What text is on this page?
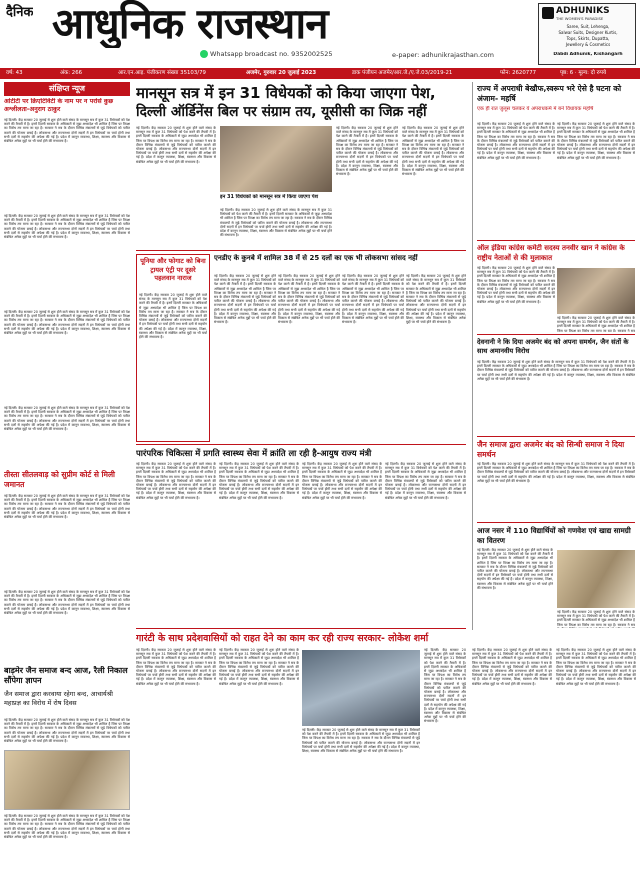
दैनिक आधुनिक राजस्थान
Whatsapp broadcast no. 9352002525	e-paper: adhunikrajasthan.com
ADHUNIKS
THE WOMEN'S PARADISE
Saree, Suit, Lehenga,
Salwar Suits, Designer Kurtis,
Tops, Skirts, Dupatta,
Jewellery & Cosmetics
Dabdi Adhunik, Kishangarh
वर्ष: 43	अंक: 266	आर.एन.आइ. पंजीकरण संख्या 35103/79	अजमेर, गुरुवार 20 जुलाई 2023	डाक पंजीयन अजमेर/आर.जे./ए.जे.03/2019-21	फोन: 2620777	पृष्ठ: 6 · मूल्य: दो रुपये
संक्षिप्त न्यूज
ओटीटी पर क्रिएटिविटी के नाम पर न परोसें कुछ अश्लीलता-अनुराग ठाकुर
नई दिल्ली। केंद्र सरकार 20 जुलाई से शुरू होने वाले संसद के मानसून सत्र में कुल 31 विधेयकों को पेश करने की तैयारी में है। इनमें दिल्ली सरकार के अधिकारों से जुड़ा अध्यादेश भी शामिल है जिस पर विपक्ष का विरोध तय माना जा रहा है। सरकार ने सत्र के दौरान विभिन्न मंत्रालयों से जुड़े विधेयकों को पारित कराने की योजना बनाई है। लोकसभा और राज्यसभा दोनों सदनों में इन विधेयकों पर चर्चा होगी तथा सभी दलों से सहयोग की अपेक्षा की गई है। प्रदेश में कानून व्यवस्था, शिक्षा, स्वास्थ्य और विकास से संबंधित अनेक मुद्दों पर भी चर्चा होने की संभावना है।
नई दिल्ली। केंद्र सरकार 20 जुलाई से शुरू होने वाले संसद के मानसून सत्र में कुल 31 विधेयकों को पेश करने की तैयारी में है। इनमें दिल्ली सरकार के अधिकारों से जुड़ा अध्यादेश भी शामिल है जिस पर विपक्ष का विरोध तय माना जा रहा है। सरकार ने सत्र के दौरान विभिन्न मंत्रालयों से जुड़े विधेयकों को पारित कराने की योजना बनाई है। लोकसभा और राज्यसभा दोनों सदनों में इन विधेयकों पर चर्चा होगी तथा सभी दलों से सहयोग की अपेक्षा की गई है। प्रदेश में कानून व्यवस्था, शिक्षा, स्वास्थ्य और विकास से संबंधित अनेक मुद्दों पर भी चर्चा होने की संभावना है।
नई दिल्ली। केंद्र सरकार 20 जुलाई से शुरू होने वाले संसद के मानसून सत्र में कुल 31 विधेयकों को पेश करने की तैयारी में है। इनमें दिल्ली सरकार के अधिकारों से जुड़ा अध्यादेश भी शामिल है जिस पर विपक्ष का विरोध तय माना जा रहा है। सरकार ने सत्र के दौरान विभिन्न मंत्रालयों से जुड़े विधेयकों को पारित कराने की योजना बनाई है। लोकसभा और राज्यसभा दोनों सदनों में इन विधेयकों पर चर्चा होगी तथा सभी दलों से सहयोग की अपेक्षा की गई है। प्रदेश में कानून व्यवस्था, शिक्षा, स्वास्थ्य और विकास से संबंधित अनेक मुद्दों पर भी चर्चा होने की संभावना है।
नई दिल्ली। केंद्र सरकार 20 जुलाई से शुरू होने वाले संसद के मानसून सत्र में कुल 31 विधेयकों को पेश करने की तैयारी में है। इनमें दिल्ली सरकार के अधिकारों से जुड़ा अध्यादेश भी शामिल है जिस पर विपक्ष का विरोध तय माना जा रहा है। सरकार ने सत्र के दौरान विभिन्न मंत्रालयों से जुड़े विधेयकों को पारित कराने की योजना बनाई है। लोकसभा और राज्यसभा दोनों सदनों में इन विधेयकों पर चर्चा होगी तथा सभी दलों से सहयोग की अपेक्षा की गई है। प्रदेश में कानून व्यवस्था, शिक्षा, स्वास्थ्य और विकास से संबंधित अनेक मुद्दों पर भी चर्चा होने की संभावना है।
तीस्ता सीतलवाड़ को सुप्रीम कोर्ट से मिली जमानत
नई दिल्ली। केंद्र सरकार 20 जुलाई से शुरू होने वाले संसद के मानसून सत्र में कुल 31 विधेयकों को पेश करने की तैयारी में है। इनमें दिल्ली सरकार के अधिकारों से जुड़ा अध्यादेश भी शामिल है जिस पर विपक्ष का विरोध तय माना जा रहा है। सरकार ने सत्र के दौरान विभिन्न मंत्रालयों से जुड़े विधेयकों को पारित कराने की योजना बनाई है। लोकसभा और राज्यसभा दोनों सदनों में इन विधेयकों पर चर्चा होगी तथा सभी दलों से सहयोग की अपेक्षा की गई है। प्रदेश में कानून व्यवस्था, शिक्षा, स्वास्थ्य और विकास से संबंधित अनेक मुद्दों पर भी चर्चा होने की संभावना है।
नई दिल्ली। केंद्र सरकार 20 जुलाई से शुरू होने वाले संसद के मानसून सत्र में कुल 31 विधेयकों को पेश करने की तैयारी में है। इनमें दिल्ली सरकार के अधिकारों से जुड़ा अध्यादेश भी शामिल है जिस पर विपक्ष का विरोध तय माना जा रहा है। सरकार ने सत्र के दौरान विभिन्न मंत्रालयों से जुड़े विधेयकों को पारित कराने की योजना बनाई है। लोकसभा और राज्यसभा दोनों सदनों में इन विधेयकों पर चर्चा होगी तथा सभी दलों से सहयोग की अपेक्षा की गई है। प्रदेश में कानून व्यवस्था, शिक्षा, स्वास्थ्य और विकास से संबंधित अनेक मुद्दों पर भी चर्चा होने की संभावना है।
बाड़मेर जैन समाज बन्द आज, रैली निकाल सौंपेगा ज्ञापन
जैन समाज द्वारा करवाया रहेगा बन्द, आचार्यश्री महाप्रज्ञ का विरोध में रोष दिवस
नई दिल्ली। केंद्र सरकार 20 जुलाई से शुरू होने वाले संसद के मानसून सत्र में कुल 31 विधेयकों को पेश करने की तैयारी में है। इनमें दिल्ली सरकार के अधिकारों से जुड़ा अध्यादेश भी शामिल है जिस पर विपक्ष का विरोध तय माना जा रहा है। सरकार ने सत्र के दौरान विभिन्न मंत्रालयों से जुड़े विधेयकों को पारित कराने की योजना बनाई है। लोकसभा और राज्यसभा दोनों सदनों में इन विधेयकों पर चर्चा होगी तथा सभी दलों से सहयोग की अपेक्षा की गई है। प्रदेश में कानून व्यवस्था, शिक्षा, स्वास्थ्य और विकास से संबंधित अनेक मुद्दों पर भी चर्चा होने की संभावना है।
नई दिल्ली। केंद्र सरकार 20 जुलाई से शुरू होने वाले संसद के मानसून सत्र में कुल 31 विधेयकों को पेश करने की तैयारी में है। इनमें दिल्ली सरकार के अधिकारों से जुड़ा अध्यादेश भी शामिल है जिस पर विपक्ष का विरोध तय माना जा रहा है। सरकार ने सत्र के दौरान विभिन्न मंत्रालयों से जुड़े विधेयकों को पारित कराने की योजना बनाई है। लोकसभा और राज्यसभा दोनों सदनों में इन विधेयकों पर चर्चा होगी तथा सभी दलों से सहयोग की अपेक्षा की गई है। प्रदेश में कानून व्यवस्था, शिक्षा, स्वास्थ्य और विकास से संबंधित अनेक मुद्दों पर भी चर्चा होने की संभावना है।
मानसून सत्र में इन 31 विधेयकों को किया जाएगा पेश,
दिल्ली ऑर्डिनेंस बिल पर संग्राम तय, यूसीसी का जिक्र नहीं
नई दिल्ली। केंद्र सरकार 20 जुलाई से शुरू होने वाले संसद के मानसून सत्र में कुल 31 विधेयकों को पेश करने की तैयारी में है। इनमें दिल्ली सरकार के अधिकारों से जुड़ा अध्यादेश भी शामिल है जिस पर विपक्ष का विरोध तय माना जा रहा है। सरकार ने सत्र के दौरान विभिन्न मंत्रालयों से जुड़े विधेयकों को पारित कराने की योजना बनाई है। लोकसभा और राज्यसभा दोनों सदनों में इन विधेयकों पर चर्चा होगी तथा सभी दलों से सहयोग की अपेक्षा की गई है। प्रदेश में कानून व्यवस्था, शिक्षा, स्वास्थ्य और विकास से संबंधित अनेक मुद्दों पर भी चर्चा होने की संभावना है।
इन 31 विधेयकों को मानसून सत्र में किया जाएगा पेश
नई दिल्ली। केंद्र सरकार 20 जुलाई से शुरू होने वाले संसद के मानसून सत्र में कुल 31 विधेयकों को पेश करने की तैयारी में है। इनमें दिल्ली सरकार के अधिकारों से जुड़ा अध्यादेश भी शामिल है जिस पर विपक्ष का विरोध तय माना जा रहा है। सरकार ने सत्र के दौरान विभिन्न मंत्रालयों से जुड़े विधेयकों को पारित कराने की योजना बनाई है। लोकसभा और राज्यसभा दोनों सदनों में इन विधेयकों पर चर्चा होगी तथा सभी दलों से सहयोग की अपेक्षा की गई है। प्रदेश में कानून व्यवस्था, शिक्षा, स्वास्थ्य और विकास से संबंधित अनेक मुद्दों पर भी चर्चा होने की संभावना है।
नई दिल्ली। केंद्र सरकार 20 जुलाई से शुरू होने वाले संसद के मानसून सत्र में कुल 31 विधेयकों को पेश करने की तैयारी में है। इनमें दिल्ली सरकार के अधिकारों से जुड़ा अध्यादेश भी शामिल है जिस पर विपक्ष का विरोध तय माना जा रहा है। सरकार ने सत्र के दौरान विभिन्न मंत्रालयों से जुड़े विधेयकों को पारित कराने की योजना बनाई है। लोकसभा और राज्यसभा दोनों सदनों में इन विधेयकों पर चर्चा होगी तथा सभी दलों से सहयोग की अपेक्षा की गई है। प्रदेश में कानून व्यवस्था, शिक्षा, स्वास्थ्य और विकास से संबंधित अनेक मुद्दों पर भी चर्चा होने की संभावना है।
नई दिल्ली। केंद्र सरकार 20 जुलाई से शुरू होने वाले संसद के मानसून सत्र में कुल 31 विधेयकों को पेश करने की तैयारी में है। इनमें दिल्ली सरकार के अधिकारों से जुड़ा अध्यादेश भी शामिल है जिस पर विपक्ष का विरोध तय माना जा रहा है। सरकार ने सत्र के दौरान विभिन्न मंत्रालयों से जुड़े विधेयकों को पारित कराने की योजना बनाई है। लोकसभा और राज्यसभा दोनों सदनों में इन विधेयकों पर चर्चा होगी तथा सभी दलों से सहयोग की अपेक्षा की गई है। प्रदेश में कानून व्यवस्था, शिक्षा, स्वास्थ्य और विकास से संबंधित अनेक मुद्दों पर भी चर्चा होने की संभावना है।
पूनिया और फोगाट को बिना ट्रायल एंट्री पर दूसरे पहलवान नाराज
नई दिल्ली। केंद्र सरकार 20 जुलाई से शुरू होने वाले संसद के मानसून सत्र में कुल 31 विधेयकों को पेश करने की तैयारी में है। इनमें दिल्ली सरकार के अधिकारों से जुड़ा अध्यादेश भी शामिल है जिस पर विपक्ष का विरोध तय माना जा रहा है। सरकार ने सत्र के दौरान विभिन्न मंत्रालयों से जुड़े विधेयकों को पारित कराने की योजना बनाई है। लोकसभा और राज्यसभा दोनों सदनों में इन विधेयकों पर चर्चा होगी तथा सभी दलों से सहयोग की अपेक्षा की गई है। प्रदेश में कानून व्यवस्था, शिक्षा, स्वास्थ्य और विकास से संबंधित अनेक मुद्दों पर भी चर्चा होने की संभावना है।
एनडीए के कुनबे में शामिल 38 में से 25 दलों का एक भी लोकसभा सांसद नहीं
नई दिल्ली। केंद्र सरकार 20 जुलाई से शुरू होने वाले संसद के मानसून सत्र में कुल 31 विधेयकों को पेश करने की तैयारी में है। इनमें दिल्ली सरकार के अधिकारों से जुड़ा अध्यादेश भी शामिल है जिस पर विपक्ष का विरोध तय माना जा रहा है। सरकार ने सत्र के दौरान विभिन्न मंत्रालयों से जुड़े विधेयकों को पारित कराने की योजना बनाई है। लोकसभा और राज्यसभा दोनों सदनों में इन विधेयकों पर चर्चा होगी तथा सभी दलों से सहयोग की अपेक्षा की गई है। प्रदेश में कानून व्यवस्था, शिक्षा, स्वास्थ्य और विकास से संबंधित अनेक मुद्दों पर भी चर्चा होने की संभावना है।
नई दिल्ली। केंद्र सरकार 20 जुलाई से शुरू होने वाले संसद के मानसून सत्र में कुल 31 विधेयकों को पेश करने की तैयारी में है। इनमें दिल्ली सरकार के अधिकारों से जुड़ा अध्यादेश भी शामिल है जिस पर विपक्ष का विरोध तय माना जा रहा है। सरकार ने सत्र के दौरान विभिन्न मंत्रालयों से जुड़े विधेयकों को पारित कराने की योजना बनाई है। लोकसभा और राज्यसभा दोनों सदनों में इन विधेयकों पर चर्चा होगी तथा सभी दलों से सहयोग की अपेक्षा की गई है। प्रदेश में कानून व्यवस्था, शिक्षा, स्वास्थ्य और विकास से संबंधित अनेक मुद्दों पर भी चर्चा होने की संभावना है।
नई दिल्ली। केंद्र सरकार 20 जुलाई से शुरू होने वाले संसद के मानसून सत्र में कुल 31 विधेयकों को पेश करने की तैयारी में है। इनमें दिल्ली सरकार के अधिकारों से जुड़ा अध्यादेश भी शामिल है जिस पर विपक्ष का विरोध तय माना जा रहा है। सरकार ने सत्र के दौरान विभिन्न मंत्रालयों से जुड़े विधेयकों को पारित कराने की योजना बनाई है। लोकसभा और राज्यसभा दोनों सदनों में इन विधेयकों पर चर्चा होगी तथा सभी दलों से सहयोग की अपेक्षा की गई है। प्रदेश में कानून व्यवस्था, शिक्षा, स्वास्थ्य और विकास से संबंधित अनेक मुद्दों पर भी चर्चा होने की संभावना है।
नई दिल्ली। केंद्र सरकार 20 जुलाई से शुरू होने वाले संसद के मानसून सत्र में कुल 31 विधेयकों को पेश करने की तैयारी में है। इनमें दिल्ली सरकार के अधिकारों से जुड़ा अध्यादेश भी शामिल है जिस पर विपक्ष का विरोध तय माना जा रहा है। सरकार ने सत्र के दौरान विभिन्न मंत्रालयों से जुड़े विधेयकों को पारित कराने की योजना बनाई है। लोकसभा और राज्यसभा दोनों सदनों में इन विधेयकों पर चर्चा होगी तथा सभी दलों से सहयोग की अपेक्षा की गई है। प्रदेश में कानून व्यवस्था, शिक्षा, स्वास्थ्य और विकास से संबंधित अनेक मुद्दों पर भी चर्चा होने की संभावना है।
पारंपरिक चिकित्सा में प्रगति स्वास्थ्य सेवा में क्रांति ला रही है-आयुष राज्य मंत्री
नई दिल्ली। केंद्र सरकार 20 जुलाई से शुरू होने वाले संसद के मानसून सत्र में कुल 31 विधेयकों को पेश करने की तैयारी में है। इनमें दिल्ली सरकार के अधिकारों से जुड़ा अध्यादेश भी शामिल है जिस पर विपक्ष का विरोध तय माना जा रहा है। सरकार ने सत्र के दौरान विभिन्न मंत्रालयों से जुड़े विधेयकों को पारित कराने की योजना बनाई है। लोकसभा और राज्यसभा दोनों सदनों में इन विधेयकों पर चर्चा होगी तथा सभी दलों से सहयोग की अपेक्षा की गई है। प्रदेश में कानून व्यवस्था, शिक्षा, स्वास्थ्य और विकास से संबंधित अनेक मुद्दों पर भी चर्चा होने की संभावना है।
नई दिल्ली। केंद्र सरकार 20 जुलाई से शुरू होने वाले संसद के मानसून सत्र में कुल 31 विधेयकों को पेश करने की तैयारी में है। इनमें दिल्ली सरकार के अधिकारों से जुड़ा अध्यादेश भी शामिल है जिस पर विपक्ष का विरोध तय माना जा रहा है। सरकार ने सत्र के दौरान विभिन्न मंत्रालयों से जुड़े विधेयकों को पारित कराने की योजना बनाई है। लोकसभा और राज्यसभा दोनों सदनों में इन विधेयकों पर चर्चा होगी तथा सभी दलों से सहयोग की अपेक्षा की गई है। प्रदेश में कानून व्यवस्था, शिक्षा, स्वास्थ्य और विकास से संबंधित अनेक मुद्दों पर भी चर्चा होने की संभावना है।
नई दिल्ली। केंद्र सरकार 20 जुलाई से शुरू होने वाले संसद के मानसून सत्र में कुल 31 विधेयकों को पेश करने की तैयारी में है। इनमें दिल्ली सरकार के अधिकारों से जुड़ा अध्यादेश भी शामिल है जिस पर विपक्ष का विरोध तय माना जा रहा है। सरकार ने सत्र के दौरान विभिन्न मंत्रालयों से जुड़े विधेयकों को पारित कराने की योजना बनाई है। लोकसभा और राज्यसभा दोनों सदनों में इन विधेयकों पर चर्चा होगी तथा सभी दलों से सहयोग की अपेक्षा की गई है। प्रदेश में कानून व्यवस्था, शिक्षा, स्वास्थ्य और विकास से संबंधित अनेक मुद्दों पर भी चर्चा होने की संभावना है।
नई दिल्ली। केंद्र सरकार 20 जुलाई से शुरू होने वाले संसद के मानसून सत्र में कुल 31 विधेयकों को पेश करने की तैयारी में है। इनमें दिल्ली सरकार के अधिकारों से जुड़ा अध्यादेश भी शामिल है जिस पर विपक्ष का विरोध तय माना जा रहा है। सरकार ने सत्र के दौरान विभिन्न मंत्रालयों से जुड़े विधेयकों को पारित कराने की योजना बनाई है। लोकसभा और राज्यसभा दोनों सदनों में इन विधेयकों पर चर्चा होगी तथा सभी दलों से सहयोग की अपेक्षा की गई है। प्रदेश में कानून व्यवस्था, शिक्षा, स्वास्थ्य और विकास से संबंधित अनेक मुद्दों पर भी चर्चा होने की संभावना है।
गारंटी के साथ प्रदेशवासियों को राहत देने का काम कर रही राज्य सरकार- लोकेश शर्मा
नई दिल्ली। केंद्र सरकार 20 जुलाई से शुरू होने वाले संसद के मानसून सत्र में कुल 31 विधेयकों को पेश करने की तैयारी में है। इनमें दिल्ली सरकार के अधिकारों से जुड़ा अध्यादेश भी शामिल है जिस पर विपक्ष का विरोध तय माना जा रहा है। सरकार ने सत्र के दौरान विभिन्न मंत्रालयों से जुड़े विधेयकों को पारित कराने की योजना बनाई है। लोकसभा और राज्यसभा दोनों सदनों में इन विधेयकों पर चर्चा होगी तथा सभी दलों से सहयोग की अपेक्षा की गई है। प्रदेश में कानून व्यवस्था, शिक्षा, स्वास्थ्य और विकास से संबंधित अनेक मुद्दों पर भी चर्चा होने की संभावना है।
नई दिल्ली। केंद्र सरकार 20 जुलाई से शुरू होने वाले संसद के मानसून सत्र में कुल 31 विधेयकों को पेश करने की तैयारी में है। इनमें दिल्ली सरकार के अधिकारों से जुड़ा अध्यादेश भी शामिल है जिस पर विपक्ष का विरोध तय माना जा रहा है। सरकार ने सत्र के दौरान विभिन्न मंत्रालयों से जुड़े विधेयकों को पारित कराने की योजना बनाई है। लोकसभा और राज्यसभा दोनों सदनों में इन विधेयकों पर चर्चा होगी तथा सभी दलों से सहयोग की अपेक्षा की गई है। प्रदेश में कानून व्यवस्था, शिक्षा, स्वास्थ्य और विकास से संबंधित अनेक मुद्दों पर भी चर्चा होने की संभावना है।
नई दिल्ली। केंद्र सरकार 20 जुलाई से शुरू होने वाले संसद के मानसून सत्र में कुल 31 विधेयकों को पेश करने की तैयारी में है। इनमें दिल्ली सरकार के अधिकारों से जुड़ा अध्यादेश भी शामिल है जिस पर विपक्ष का विरोध तय माना जा रहा है। सरकार ने सत्र के दौरान विभिन्न मंत्रालयों से जुड़े विधेयकों को पारित कराने की योजना बनाई है। लोकसभा और राज्यसभा दोनों सदनों में इन विधेयकों पर चर्चा होगी तथा सभी दलों से सहयोग की अपेक्षा की गई है। प्रदेश में कानून व्यवस्था, शिक्षा, स्वास्थ्य और विकास से संबंधित अनेक मुद्दों पर भी चर्चा होने की संभावना है।
नई दिल्ली। केंद्र सरकार 20 जुलाई से शुरू होने वाले संसद के मानसून सत्र में कुल 31 विधेयकों को पेश करने की तैयारी में है। इनमें दिल्ली सरकार के अधिकारों से जुड़ा अध्यादेश भी शामिल है जिस पर विपक्ष का विरोध तय माना जा रहा है। सरकार ने सत्र के दौरान विभिन्न मंत्रालयों से जुड़े विधेयकों को पारित कराने की योजना बनाई है। लोकसभा और राज्यसभा दोनों सदनों में इन विधेयकों पर चर्चा होगी तथा सभी दलों से सहयोग की अपेक्षा की गई है। प्रदेश में कानून व्यवस्था, शिक्षा, स्वास्थ्य और विकास से संबंधित अनेक मुद्दों पर भी चर्चा होने की संभावना है।
राज्य में अपराधी बेखौफ,स्वरूप भरे ऐसे है घटना को अंजाम- महर्षि
एक ही रात जुलूस चलकर ये अपराधकर्म में बने विधायक महर्षि
नई दिल्ली। केंद्र सरकार 20 जुलाई से शुरू होने वाले संसद के मानसून सत्र में कुल 31 विधेयकों को पेश करने की तैयारी में है। इनमें दिल्ली सरकार के अधिकारों से जुड़ा अध्यादेश भी शामिल है जिस पर विपक्ष का विरोध तय माना जा रहा है। सरकार ने सत्र के दौरान विभिन्न मंत्रालयों से जुड़े विधेयकों को पारित कराने की योजना बनाई है। लोकसभा और राज्यसभा दोनों सदनों में इन विधेयकों पर चर्चा होगी तथा सभी दलों से सहयोग की अपेक्षा की गई है। प्रदेश में कानून व्यवस्था, शिक्षा, स्वास्थ्य और विकास से संबंधित अनेक मुद्दों पर भी चर्चा होने की संभावना है।
नई दिल्ली। केंद्र सरकार 20 जुलाई से शुरू होने वाले संसद के मानसून सत्र में कुल 31 विधेयकों को पेश करने की तैयारी में है। इनमें दिल्ली सरकार के अधिकारों से जुड़ा अध्यादेश भी शामिल है जिस पर विपक्ष का विरोध तय माना जा रहा है। सरकार ने सत्र के दौरान विभिन्न मंत्रालयों से जुड़े विधेयकों को पारित कराने की योजना बनाई है। लोकसभा और राज्यसभा दोनों सदनों में इन विधेयकों पर चर्चा होगी तथा सभी दलों से सहयोग की अपेक्षा की गई है। प्रदेश में कानून व्यवस्था, शिक्षा, स्वास्थ्य और विकास से संबंधित अनेक मुद्दों पर भी चर्चा होने की संभावना है।
ऑल इंडिया कांग्रेस कमेटी सदस्य तनवीर खान ने कांग्रेस के राष्ट्रीय नेताओं से की मुलाकात
नई दिल्ली। केंद्र सरकार 20 जुलाई से शुरू होने वाले संसद के मानसून सत्र में कुल 31 विधेयकों को पेश करने की तैयारी में है। इनमें दिल्ली सरकार के अधिकारों से जुड़ा अध्यादेश भी शामिल है जिस पर विपक्ष का विरोध तय माना जा रहा है। सरकार ने सत्र के दौरान विभिन्न मंत्रालयों से जुड़े विधेयकों को पारित कराने की योजना बनाई है। लोकसभा और राज्यसभा दोनों सदनों में इन विधेयकों पर चर्चा होगी तथा सभी दलों से सहयोग की अपेक्षा की गई है। प्रदेश में कानून व्यवस्था, शिक्षा, स्वास्थ्य और विकास से संबंधित अनेक मुद्दों पर भी चर्चा होने की संभावना है।
नई दिल्ली। केंद्र सरकार 20 जुलाई से शुरू होने वाले संसद के मानसून सत्र में कुल 31 विधेयकों को पेश करने की तैयारी में है। इनमें दिल्ली सरकार के अधिकारों से जुड़ा अध्यादेश भी शामिल है जिस पर विपक्ष का विरोध तय माना जा रहा है। सरकार ने सत्र
देवनानी ने कि दिया अजमेर बंद को अपना समर्थन, जैन संतों के साथ अमानवीय विरोध
नई दिल्ली। केंद्र सरकार 20 जुलाई से शुरू होने वाले संसद के मानसून सत्र में कुल 31 विधेयकों को पेश करने की तैयारी में है। इनमें दिल्ली सरकार के अधिकारों से जुड़ा अध्यादेश भी शामिल है जिस पर विपक्ष का विरोध तय माना जा रहा है। सरकार ने सत्र के दौरान विभिन्न मंत्रालयों से जुड़े विधेयकों को पारित कराने की योजना बनाई है। लोकसभा और राज्यसभा दोनों सदनों में इन विधेयकों पर चर्चा होगी तथा सभी दलों से सहयोग की अपेक्षा की गई है। प्रदेश में कानून व्यवस्था, शिक्षा, स्वास्थ्य और विकास से संबंधित अनेक मुद्दों पर भी चर्चा होने की संभावना है।
जैन समाज द्वारा अजमेर बंद को सिन्धी समाज ने दिया समर्थन
नई दिल्ली। केंद्र सरकार 20 जुलाई से शुरू होने वाले संसद के मानसून सत्र में कुल 31 विधेयकों को पेश करने की तैयारी में है। इनमें दिल्ली सरकार के अधिकारों से जुड़ा अध्यादेश भी शामिल है जिस पर विपक्ष का विरोध तय माना जा रहा है। सरकार ने सत्र के दौरान विभिन्न मंत्रालयों से जुड़े विधेयकों को पारित कराने की योजना बनाई है। लोकसभा और राज्यसभा दोनों सदनों में इन विधेयकों पर चर्चा होगी तथा सभी दलों से सहयोग की अपेक्षा की गई है। प्रदेश में कानून व्यवस्था, शिक्षा, स्वास्थ्य और विकास से संबंधित अनेक मुद्दों पर भी चर्चा होने की संभावना है।
आज नसर में 110 विद्यार्थियों को गणवेश एवं खाद्य सामग्री का वितरण
नई दिल्ली। केंद्र सरकार 20 जुलाई से शुरू होने वाले संसद के मानसून सत्र में कुल 31 विधेयकों को पेश करने की तैयारी में है। इनमें दिल्ली सरकार के अधिकारों से जुड़ा अध्यादेश भी शामिल है जिस पर विपक्ष का विरोध तय माना जा रहा है। सरकार ने सत्र के दौरान विभिन्न मंत्रालयों से जुड़े विधेयकों को पारित कराने की योजना बनाई है। लोकसभा और राज्यसभा दोनों सदनों में इन विधेयकों पर चर्चा होगी तथा सभी दलों से सहयोग की अपेक्षा की गई है। प्रदेश में कानून व्यवस्था, शिक्षा, स्वास्थ्य और विकास से संबंधित अनेक मुद्दों पर भी चर्चा होने की संभावना है।
नई दिल्ली। केंद्र सरकार 20 जुलाई से शुरू होने वाले संसद के मानसून सत्र में कुल 31 विधेयकों को पेश करने की तैयारी में है। इनमें दिल्ली सरकार के अधिकारों से जुड़ा अध्यादेश भी शामिल है जिस पर विपक्ष का विरोध तय माना जा रहा है। सरकार ने सत्र
नई दिल्ली। केंद्र सरकार 20 जुलाई से शुरू होने वाले संसद के मानसून सत्र में कुल 31 विधेयकों को पेश करने की तैयारी में है। इनमें दिल्ली सरकार के अधिकारों से जुड़ा अध्यादेश भी शामिल है जिस पर विपक्ष का विरोध तय माना जा रहा है। सरकार ने सत्र के दौरान विभिन्न मंत्रालयों से जुड़े विधेयकों को पारित कराने की योजना बनाई है। लोकसभा और राज्यसभा दोनों सदनों में इन विधेयकों पर चर्चा होगी तथा सभी दलों से सहयोग की अपेक्षा की गई है। प्रदेश में कानून व्यवस्था, शिक्षा, स्वास्थ्य और विकास से संबंधित अनेक मुद्दों पर भी चर्चा होने की संभावना है।
नई दिल्ली। केंद्र सरकार 20 जुलाई से शुरू होने वाले संसद के मानसून सत्र में कुल 31 विधेयकों को पेश करने की तैयारी में है। इनमें दिल्ली सरकार के अधिकारों से जुड़ा अध्यादेश भी शामिल है जिस पर विपक्ष का विरोध तय माना जा रहा है। सरकार ने सत्र के दौरान विभिन्न मंत्रालयों से जुड़े विधेयकों को पारित कराने की योजना बनाई है। लोकसभा और राज्यसभा दोनों सदनों में इन विधेयकों पर चर्चा होगी तथा सभी दलों से सहयोग की अपेक्षा की गई है। प्रदेश में कानून व्यवस्था, शिक्षा, स्वास्थ्य और विकास से संबंधित अनेक मुद्दों पर भी चर्चा होने की संभावना है।
